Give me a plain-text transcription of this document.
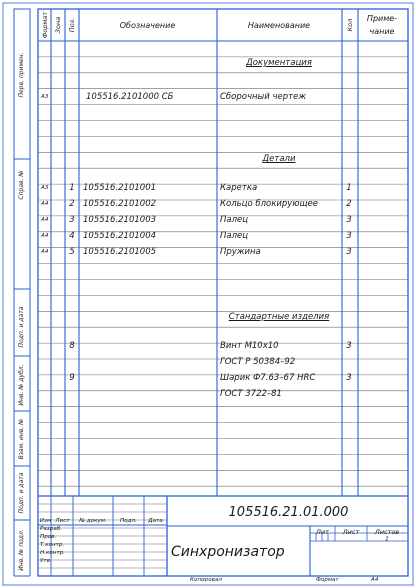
Формат Зона Поз.	Обозначение	Наименование	Кол
Приме-
чание
Перв. примен.
Справ. №
Подп. и дата
Инв. № дубл.
Взам. инв. №
Подп. и дата
Инв. № подл.
Документация
Детали
Стандартные изделия
А3	105516.2101000 СБ	Сборочный чертеж
А3	1 105516.2101001	Каретка	1
А4	2 105516.2101002	Кольцо блокирующее	2
А4	3 105516.2101003	Палец	3
А4	4 105516.2101004	Палец	3
А4	5 105516.2101005	Пружина	3
8	Винт М10х10	3
ГОСТ Р 50384–92
9	Шарик Ф7.63–67 HRC	3
ГОСТ 3722–81
105516.21.01.000
Синхронизатор
Лит	Лист	Листов
1
Изм Лист	№ докум.	Подп.	Дата
Разраб.
Пров.
Т.контр.
Н.контр.
Утв.
Копировал	Формат	А4
